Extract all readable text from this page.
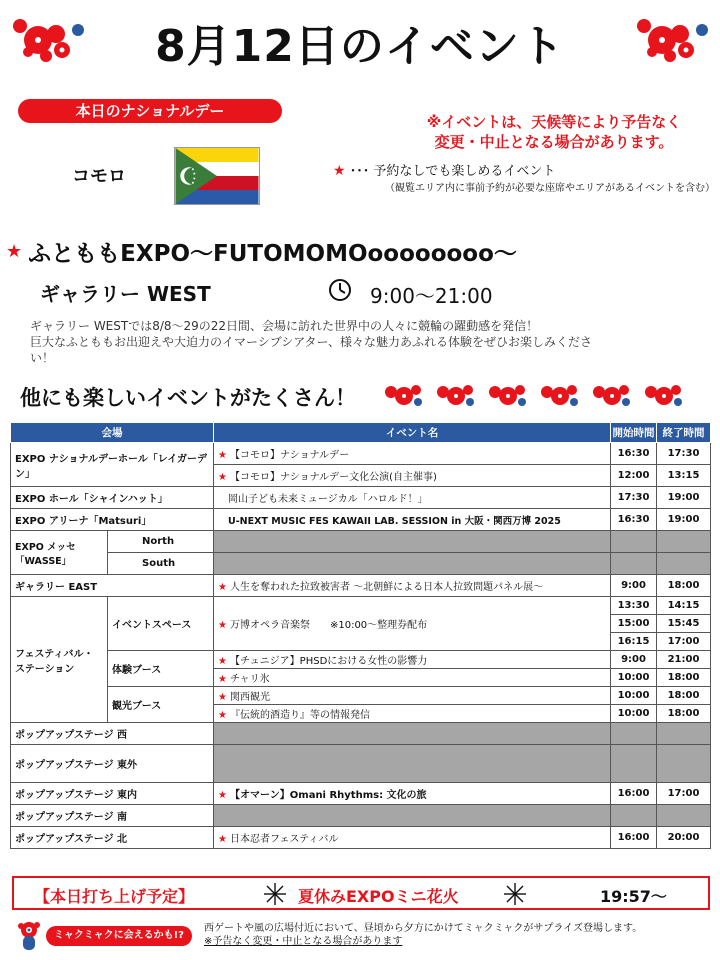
8月12日のイベント
本日のナショナルデー
※イベントは、天候等により予告なく
変更・中止となる場合があります。
コモロ	★ ･･･ 予約なしでも楽しめるイベント
（観覧エリア内に事前予約が必要な座席やエリアがあるイベントを含む）
★ ふとももEXPO～FUTOMOMOoooooooo～
ギャラリー WEST	9:00～21:00
ギャラリー WESTでは8/8～29の22日間、会場に訪れた世界中の人々に競輪の躍動感を発信！
巨大なふとももお出迎えや大迫力のイマーシブシアター、様々な魅力あふれる体験をぜひお楽しみくださ
い！
他にも楽しいイベントがたくさん！
会場		イベント名	開始時間	終了時間
EXPO ナショナルデーホール「レイガーデン」		★ 【コモロ】ナショナルデー	16:30	17:30
		★ 【コモロ】ナショナルデー文化公演(自主催事)	12:00	13:15
EXPO ホール「シャインハット」		岡山子ども未来ミュージカル「ハロルド！」	17:30	19:00
EXPO アリーナ「Matsuri」		U-NEXT MUSIC FES KAWAII LAB. SESSION in 大阪・関西万博 2025	16:30	19:00
EXPO メッセ「WASSE」	North			
	South			
ギャラリー EAST		★ 人生を奪われた拉致被害者 ～北朝鮮による日本人拉致問題パネル展～	9:00	18:00
フェスティバル・ステーション	イベントスペース	★ 万博オペラ音楽祭　　※10:00～整理券配布	13:30	14:15
			15:00	15:45
			16:15	17:00
	体験ブース	★ 【チュニジア】PHSDにおける女性の影響力	9:00	21:00
		★ チャリ氷	10:00	18:00
	観光ブース	★ 関西観光	10:00	18:00
		★ 『伝統的酒造り』等の情報発信	10:00	18:00
ポップアップステージ 西				
ポップアップステージ 東外				
ポップアップステージ 東内		★ 【オマーン】Omani Rhythms: 文化の旅	16:00	17:00
ポップアップステージ 南				
ポップアップステージ 北		★ 日本忍者フェスティバル	16:00	20:00
【本日打ち上げ予定】	夏休みEXPOミニ花火	19:57～
ミャクミャクに会えるかも!?
西ゲートや風の広場付近において、昼頃から夕方にかけてミャクミャクがサプライズ登場します。
※予告なく変更・中止となる場合があります
